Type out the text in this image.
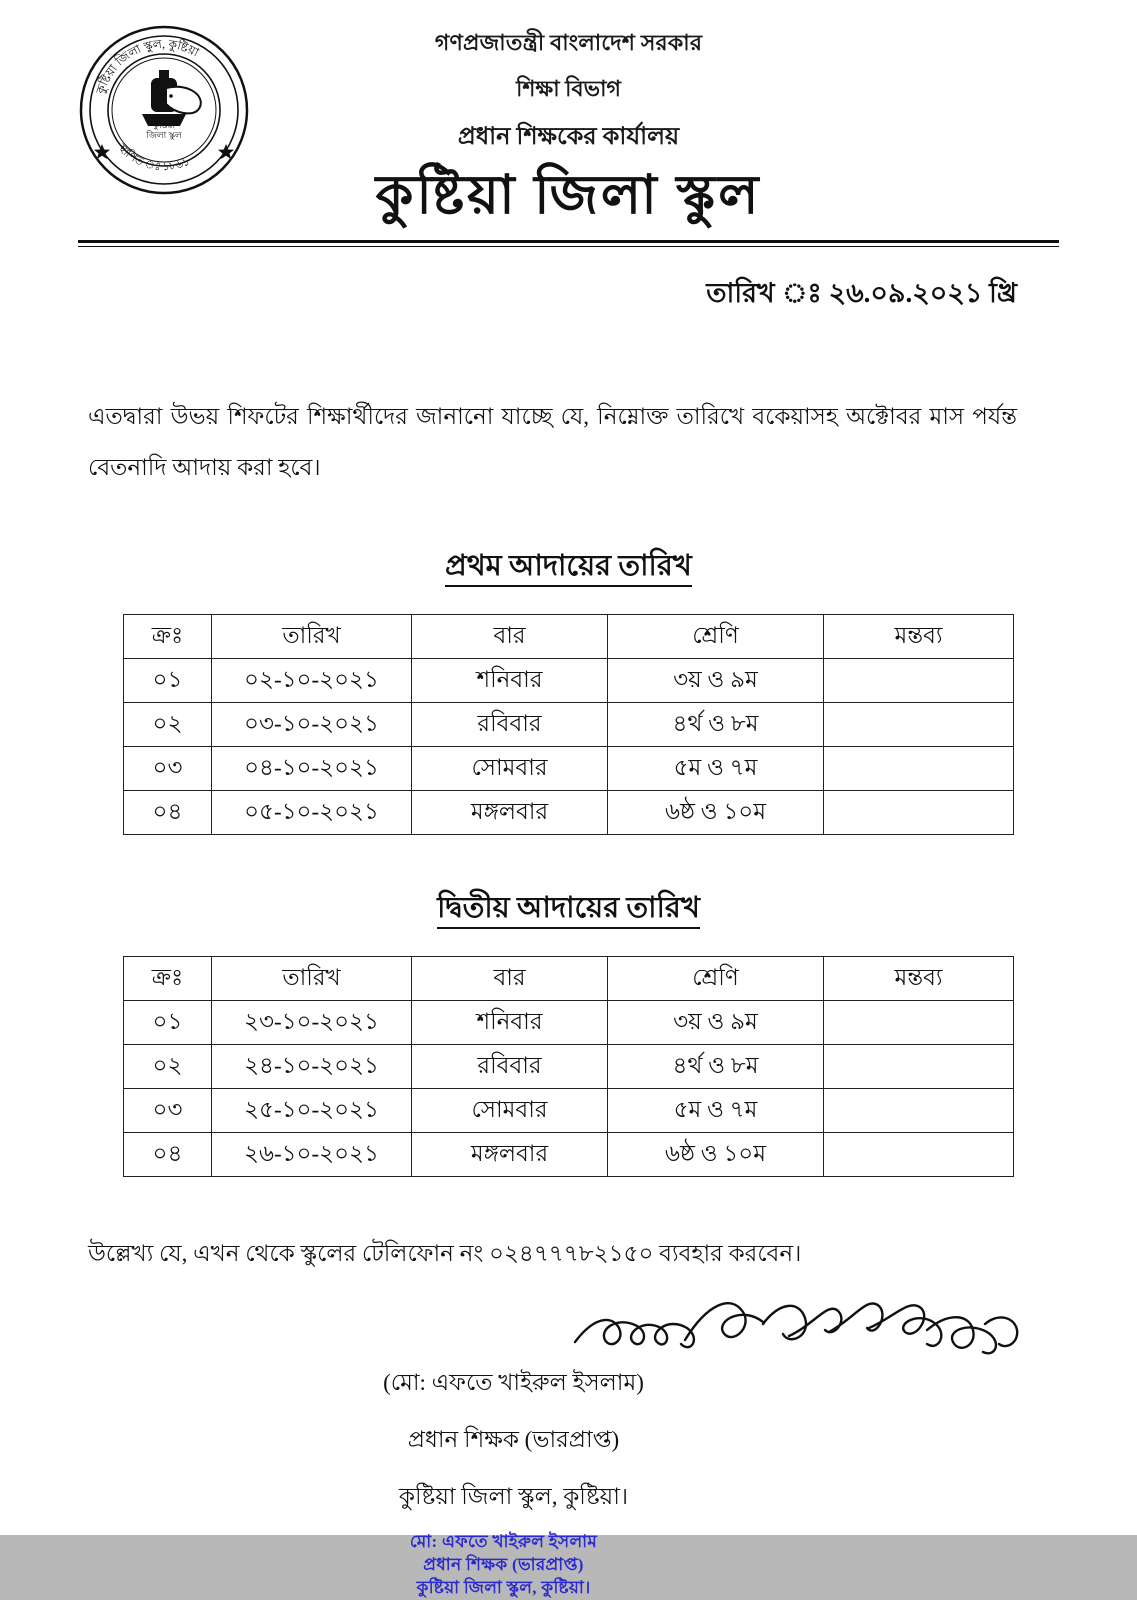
কুষ্টিয়া জিলা স্কুল, কুষ্টিয়া
স্থাপিত ঃ ১৮৬১
কুষ্টিয়া
জিলা স্কুল
গণপ্রজাতন্ত্রী বাংলাদেশ সরকার
শিক্ষা বিভাগ
প্রধান শিক্ষকের কার্যালয়
কুষ্টিয়া জিলা স্কুল
তারিখ ঃ ২৬.০৯.২০২১ খ্রি
এতদ্বারা উভয় শিফটের শিক্ষার্থীদের জানানো যাচ্ছে যে, নিম্নোক্ত তারিখে বকেয়াসহ অক্টোবর মাস পর্যন্ত বেতনাদি আদায় করা হবে।
প্রথম আদায়ের তারিখ
ক্রঃ	তারিখ	বার	শ্রেণি	মন্তব্য
০১	০২-১০-২০২১	শনিবার	৩য় ও ৯ম	
০২	০৩-১০-২০২১	রবিবার	৪র্থ ও ৮ম	
০৩	০৪-১০-২০২১	সোমবার	৫ম ও ৭ম	
০৪	০৫-১০-২০২১	মঙ্গলবার	৬ষ্ঠ ও ১০ম	
দ্বিতীয় আদায়ের তারিখ
ক্রঃ	তারিখ	বার	শ্রেণি	মন্তব্য
০১	২৩-১০-২০২১	শনিবার	৩য় ও ৯ম	
০২	২৪-১০-২০২১	রবিবার	৪র্থ ও ৮ম	
০৩	২৫-১০-২০২১	সোমবার	৫ম ও ৭ম	
০৪	২৬-১০-২০২১	মঙ্গলবার	৬ষ্ঠ ও ১০ম	
উল্লেখ্য যে, এখন থেকে স্কুলের টেলিফোন নং ০২৪৭৭৭৮২১৫০ ব্যবহার করবেন।
(মো: এফতে খাইরুল ইসলাম)
প্রধান শিক্ষক (ভারপ্রাপ্ত)
কুষ্টিয়া জিলা স্কুল, কুষ্টিয়া।
মো: এফতে খাইরুল ইসলাম
প্রধান শিক্ষক (ভারপ্রাপ্ত)
কুষ্টিয়া জিলা স্কুল, কুষ্টিয়া।
